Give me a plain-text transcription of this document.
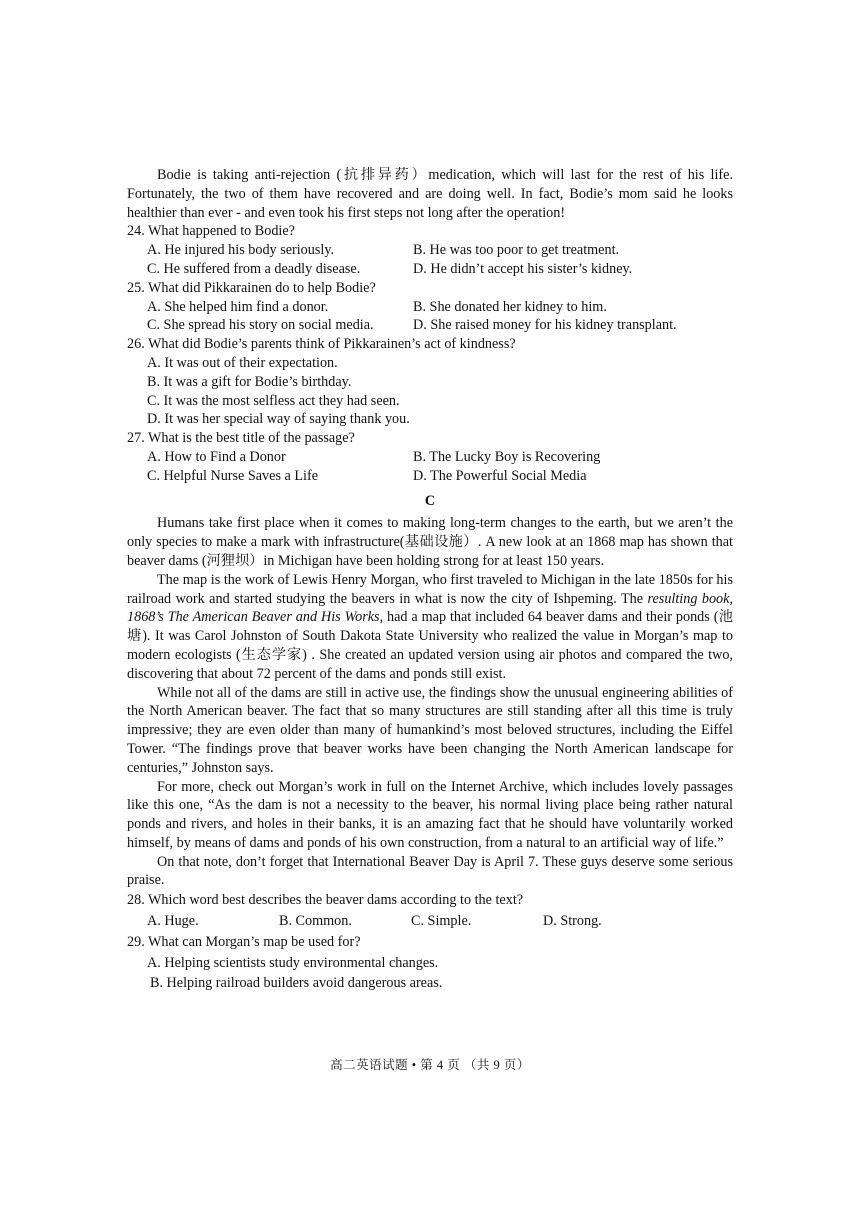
Bodie is taking anti-rejection (抗排异药）medication, which will last for the rest of his life. Fortunately, the two of them have recovered and are doing well. In fact, Bodie’s mom said he looks healthier than ever - and even took his first steps not long after the operation!

24. What happened to Bodie?

A. He injured his body seriously.	B. He was too poor to get treatment.
C. He suffered from a deadly disease.	D. He didn’t accept his sister’s kidney.

25. What did Pikkarainen do to help Bodie?

A. She helped him find a donor.	B. She donated her kidney to him.
C. She spread his story on social media.	D. She raised money for his kidney transplant.

26. What did Bodie’s parents think of Pikkarainen’s act of kindness?

A. It was out of their expectation.
B. It was a gift for Bodie’s birthday.
C. It was the most selfless act they had seen.
D. It was her special way of saying thank you.

27. What is the best title of the passage?

A. How to Find a Donor	B. The Lucky Boy is Recovering
C. Helpful Nurse Saves a Life	D. The Powerful Social Media

C

Humans take first place when it comes to making long-term changes to the earth, but we aren’t the only species to make a mark with infrastructure(基础设施）. A new look at an 1868 map has shown that beaver dams (河狸坝）in Michigan have been holding strong for at least 150 years.

The map is the work of Lewis Henry Morgan, who first traveled to Michigan in the late 1850s for his railroad work and started studying the beavers in what is now the city of Ishpeming. The resulting book, 1868’s The American Beaver and His Works, had a map that included 64 beaver dams and their ponds (池塘). It was Carol Johnston of South Dakota State University who realized the value in Morgan’s map to modern ecologists (生态学家) . She created an updated version using air photos and compared the two, discovering that about 72 percent of the dams and ponds still exist.

While not all of the dams are still in active use, the findings show the unusual engineering abilities of the North American beaver. The fact that so many structures are still standing after all this time is truly impressive; they are even older than many of humankind’s most beloved structures, including the Eiffel Tower. “The findings prove that beaver works have been changing the North American landscape for centuries,” Johnston says.

For more, check out Morgan’s work in full on the Internet Archive, which includes lovely passages like this one, “As the dam is not a necessity to the beaver, his normal living place being rather natural ponds and rivers, and holes in their banks, it is an amazing fact that he should have voluntarily worked himself, by means of dams and ponds of his own construction, from a natural to an artificial way of life.”

On that note, don’t forget that International Beaver Day is April 7. These guys deserve some serious praise.

28. Which word best describes the beaver dams according to the text?

A. Huge.	B. Common.	C. Simple.	D. Strong.

29. What can Morgan’s map be used for?

A. Helping scientists study environmental changes.
B. Helping railroad builders avoid dangerous areas.
高二英语试题 • 第 4 页 （共 9 页）
